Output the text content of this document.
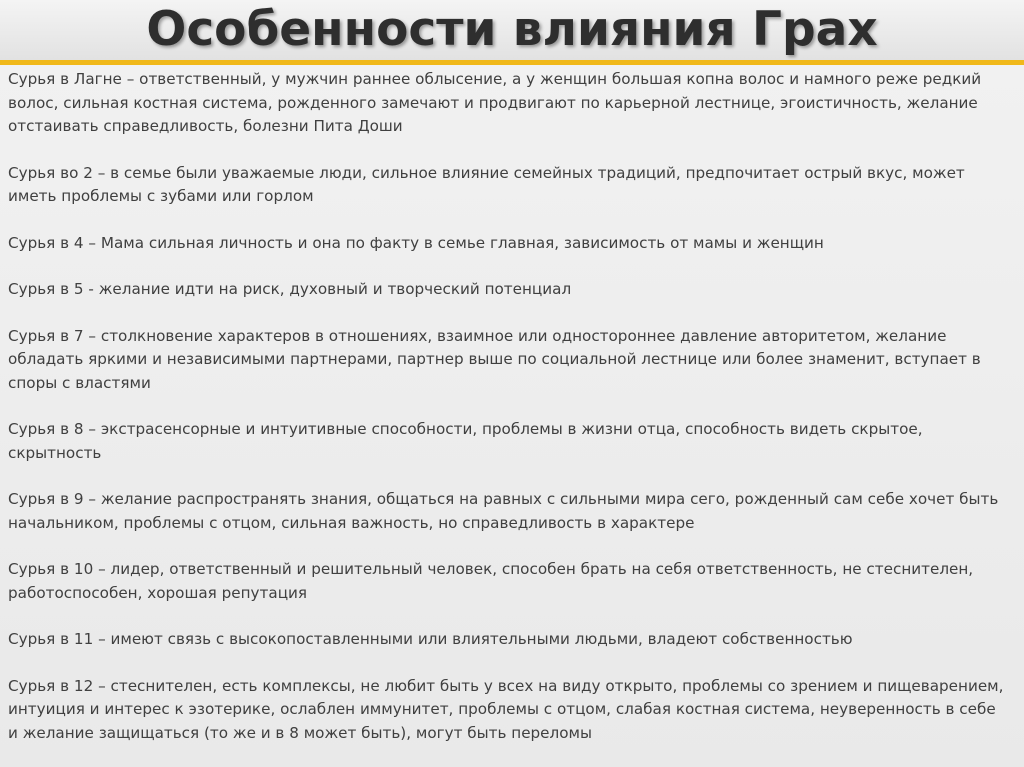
Особенности влияния Грах

Сурья в Лагне – ответственный, у мужчин раннее облысение, а у женщин большая копна волос и намного реже редкий волос, сильная костная система, рожденного замечают и продвигают по карьерной лестнице, эгоистичность, желание отстаивать справедливость, болезни Пита Доши

Сурья во 2 – в семье были уважаемые люди, сильное влияние семейных традиций, предпочитает острый вкус, может иметь проблемы с зубами или горлом

Сурья в 4 – Мама сильная личность и она по факту в семье главная, зависимость от мамы и женщин

Сурья в 5 - желание идти на риск, духовный и творческий потенциал

Сурья в 7 – столкновение характеров в отношениях, взаимное или одностороннее давление авторитетом, желание обладать яркими и независимыми партнерами, партнер выше по социальной лестнице или более знаменит, вступает в споры с властями

Сурья в 8 – экстрасенсорные и интуитивные способности, проблемы в жизни отца, способность видеть скрытое, скрытность

Сурья в 9 – желание распространять знания, общаться на равных с сильными мира сего, рожденный сам себе хочет быть начальником, проблемы с отцом, сильная важность, но справедливость в характере

Сурья в 10 – лидер, ответственный и решительный человек, способен брать на себя ответственность, не стеснителен, работоспособен, хорошая репутация

Сурья в 11 – имеют связь с высокопоставленными или влиятельными людьми, владеют собственностью

Сурья в 12 – стеснителен, есть комплексы, не любит быть у всех на виду открыто, проблемы со зрением и пищеварением, интуиция и интерес к эзотерике, ослаблен иммунитет, проблемы с отцом, слабая костная система, неуверенность в себе и желание защищаться (то же и в 8 может быть), могут быть переломы
